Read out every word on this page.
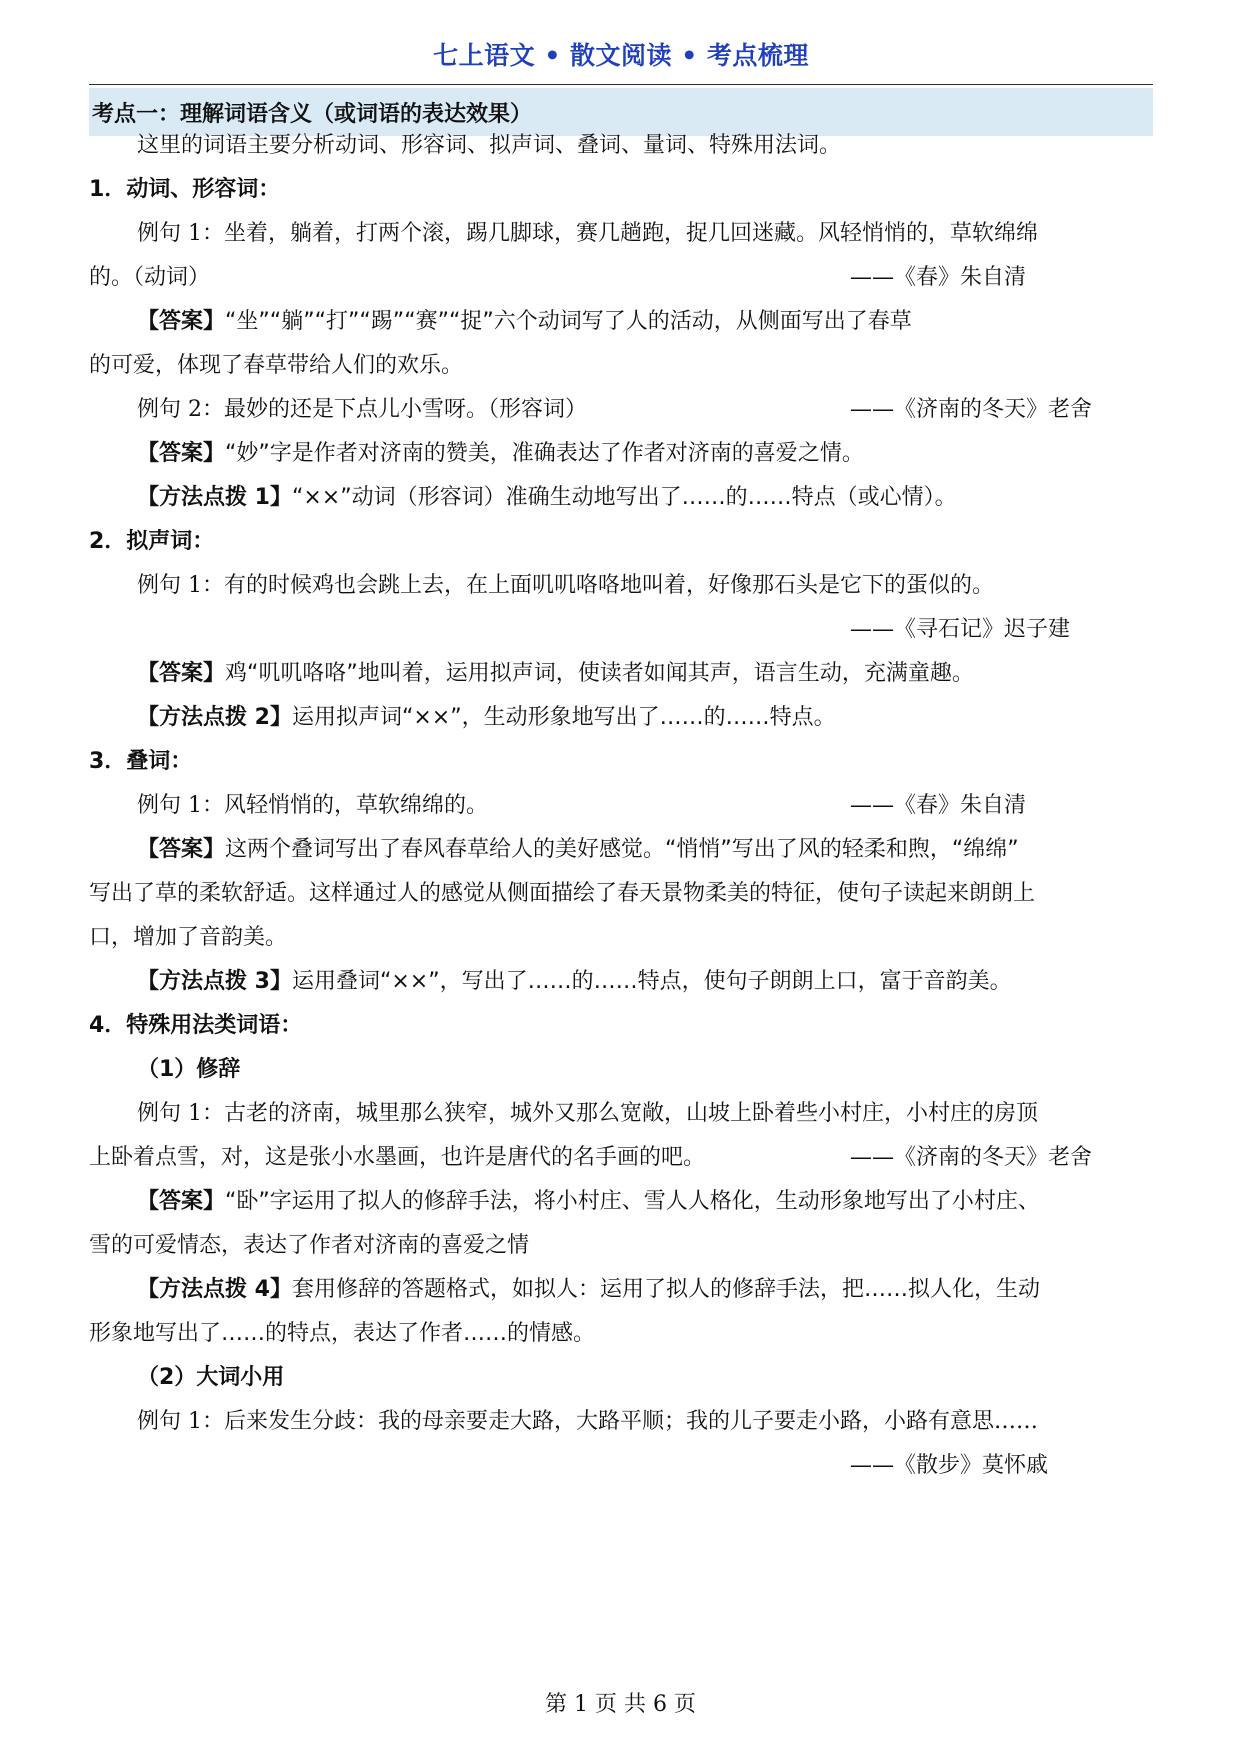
七上语文 • 散文阅读 • 考点梳理
考点一：理解词语含义（或词语的表达效果）
这里的词语主要分析动词、形容词、拟声词、叠词、量词、特殊用法词。
1．动词、形容词：
例句 1：坐着，躺着，打两个滚，踢几脚球，赛几趟跑，捉几回迷藏。风轻悄悄的，草软绵绵
的。（动词）	——《春》朱自清
【答案】“坐”“躺”“打”“踢”“赛”“捉”六个动词写了人的活动，从侧面写出了春草
的可爱，体现了春草带给人们的欢乐。
例句 2：最妙的还是下点儿小雪呀。（形容词）	——《济南的冬天》老舍
【答案】“妙”字是作者对济南的赞美，准确表达了作者对济南的喜爱之情。
【方法点拨 1】“××”动词（形容词）准确生动地写出了……的……特点（或心情）。
2．拟声词：
例句 1：有的时候鸡也会跳上去，在上面叽叽咯咯地叫着，好像那石头是它下的蛋似的。
——《寻石记》迟子建
【答案】鸡“叽叽咯咯”地叫着，运用拟声词，使读者如闻其声，语言生动，充满童趣。
【方法点拨 2】运用拟声词“××”，生动形象地写出了……的……特点。
3．叠词：
例句 1：风轻悄悄的，草软绵绵的。	——《春》朱自清
【答案】这两个叠词写出了春风春草给人的美好感觉。“悄悄”写出了风的轻柔和煦，“绵绵”
写出了草的柔软舒适。这样通过人的感觉从侧面描绘了春天景物柔美的特征，使句子读起来朗朗上
口，增加了音韵美。
【方法点拨 3】运用叠词“××”，写出了……的……特点，使句子朗朗上口，富于音韵美。
4．特殊用法类词语：
（1）修辞
例句 1：古老的济南，城里那么狭窄，城外又那么宽敞，山坡上卧着些小村庄，小村庄的房顶
上卧着点雪，对，这是张小水墨画，也许是唐代的名手画的吧。	——《济南的冬天》老舍
【答案】“卧”字运用了拟人的修辞手法，将小村庄、雪人人格化，生动形象地写出了小村庄、
雪的可爱情态，表达了作者对济南的喜爱之情
【方法点拨 4】套用修辞的答题格式，如拟人：运用了拟人的修辞手法，把……拟人化，生动
形象地写出了……的特点，表达了作者……的情感。
（2）大词小用
例句 1：后来发生分歧：我的母亲要走大路，大路平顺；我的儿子要走小路，小路有意思……
——《散步》莫怀戚
第 1 页 共 6 页
